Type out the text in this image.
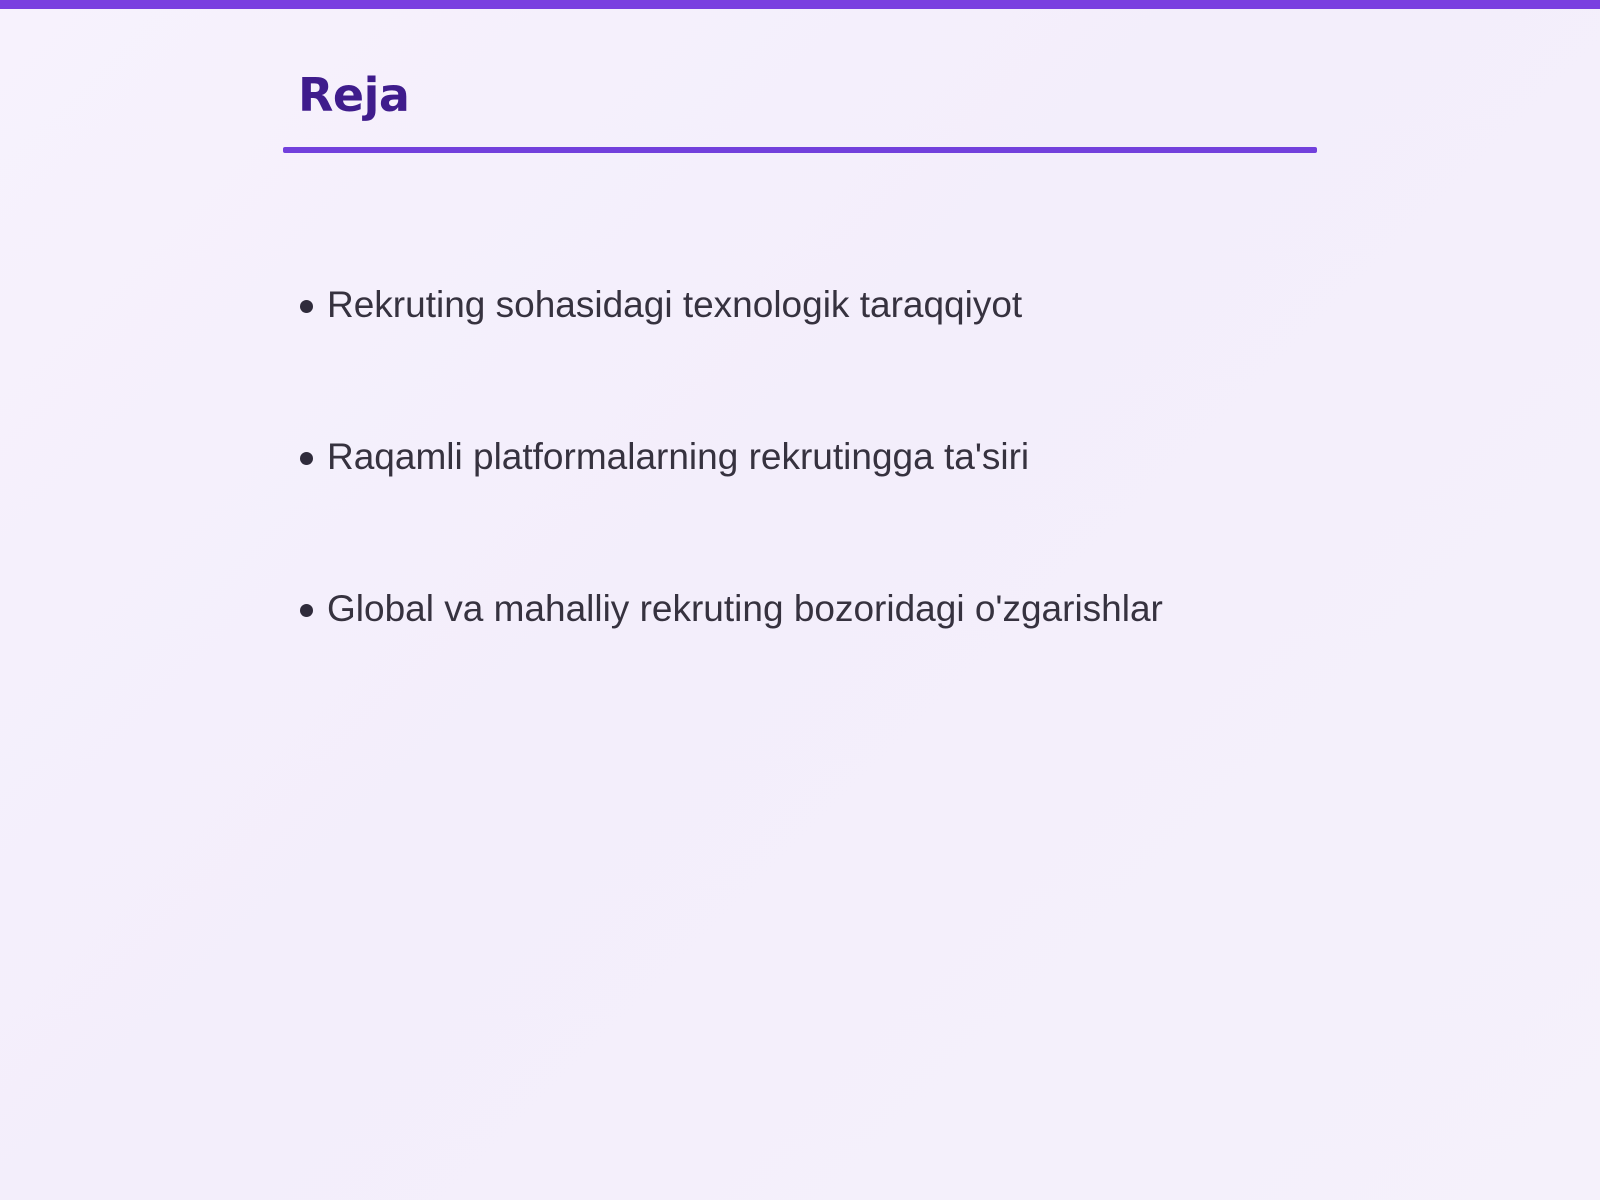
Reja
Rekruting sohasidagi texnologik taraqqiyot
Raqamli platformalarning rekrutingga ta'siri
Global va mahalliy rekruting bozoridagi o'zgarishlar
